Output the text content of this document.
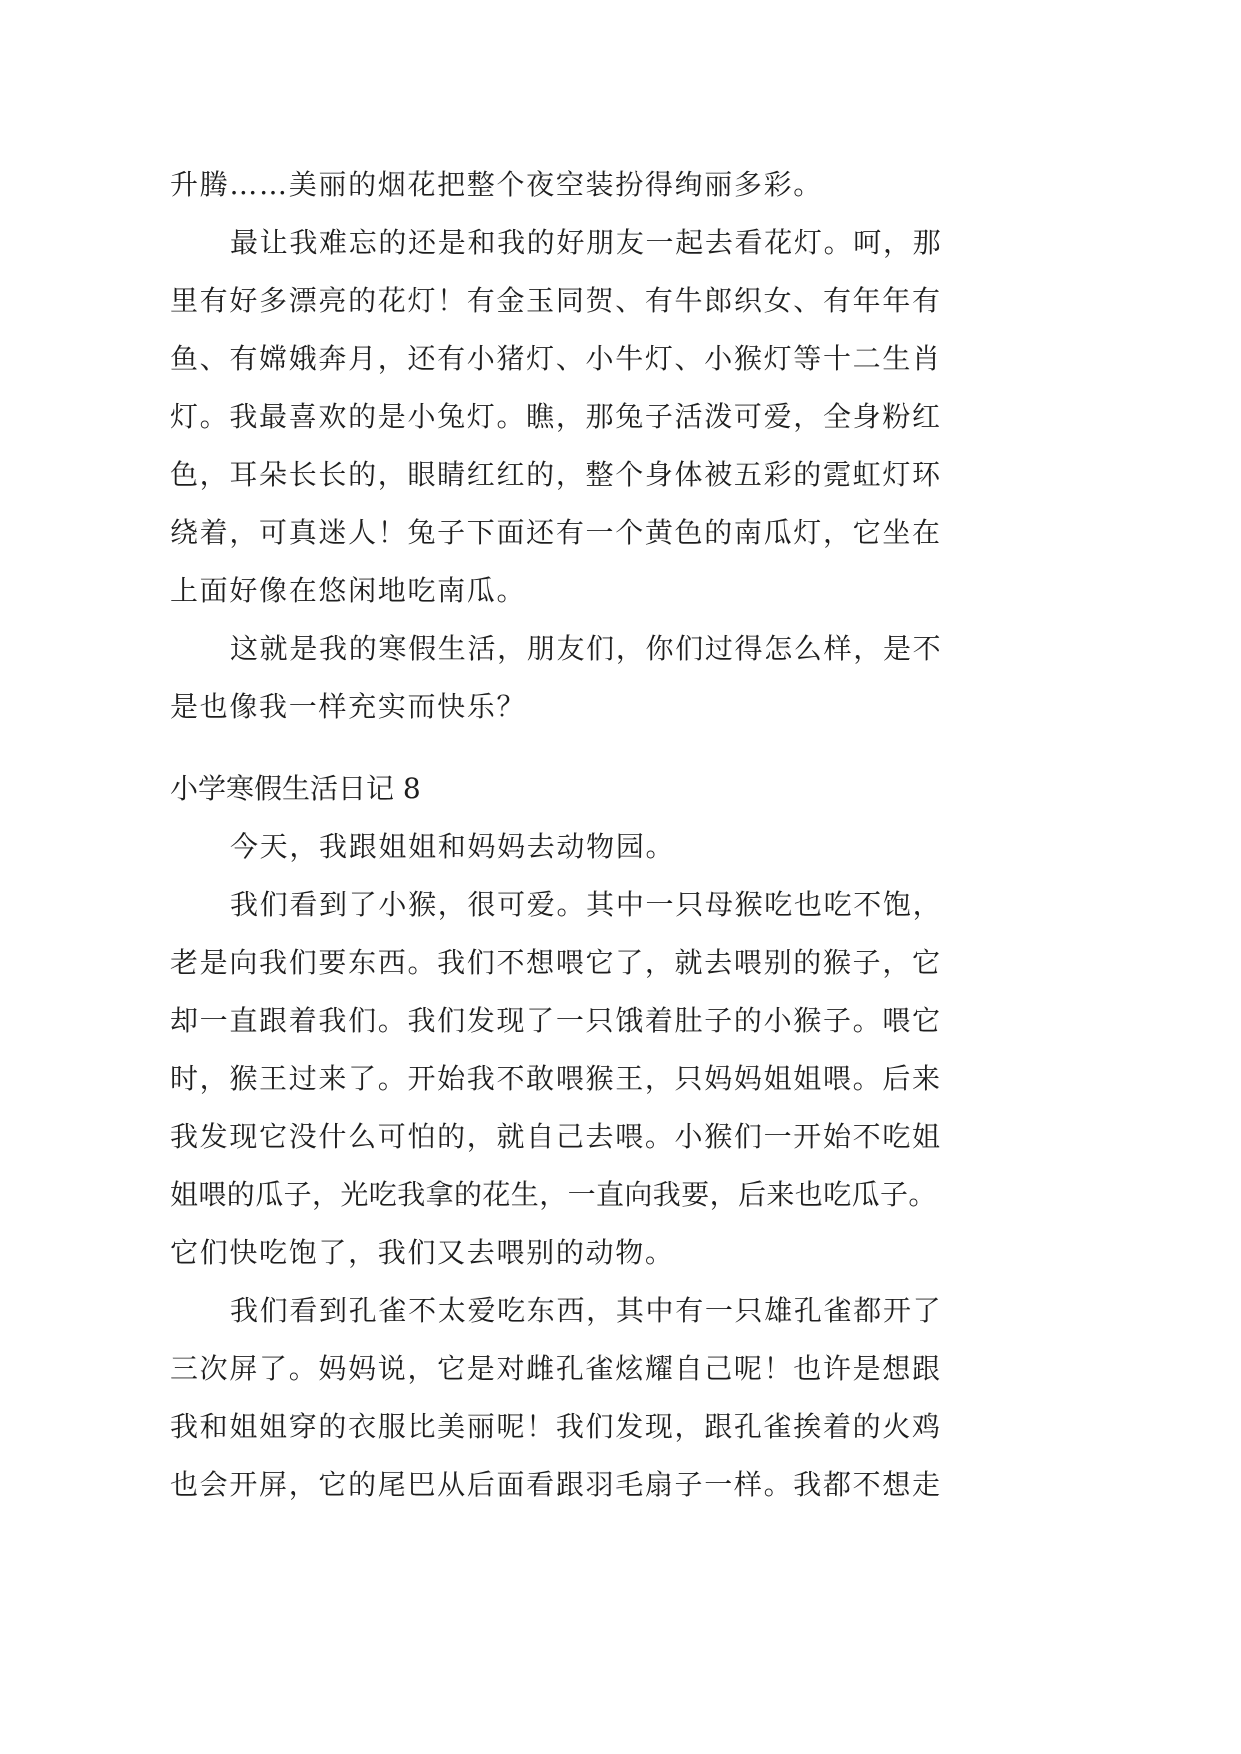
升腾……美丽的烟花把整个夜空装扮得绚丽多彩。
最让我难忘的还是和我的好朋友一起去看花灯。呵，那
里有好多漂亮的花灯！有金玉同贺、有牛郎织女、有年年有
鱼、有嫦娥奔月，还有小猪灯、小牛灯、小猴灯等十二生肖
灯。我最喜欢的是小兔灯。瞧，那兔子活泼可爱，全身粉红
色，耳朵长长的，眼睛红红的，整个身体被五彩的霓虹灯环
绕着，可真迷人！兔子下面还有一个黄色的南瓜灯，它坐在
上面好像在悠闲地吃南瓜。
这就是我的寒假生活，朋友们，你们过得怎么样，是不
是也像我一样充实而快乐？
小学寒假生活日记 8
今天，我跟姐姐和妈妈去动物园。
我们看到了小猴，很可爱。其中一只母猴吃也吃不饱，
老是向我们要东西。我们不想喂它了，就去喂别的猴子，它
却一直跟着我们。我们发现了一只饿着肚子的小猴子。喂它
时，猴王过来了。开始我不敢喂猴王，只妈妈姐姐喂。后来
我发现它没什么可怕的，就自己去喂。小猴们一开始不吃姐
姐喂的瓜子，光吃我拿的花生，一直向我要，后来也吃瓜子。
它们快吃饱了，我们又去喂别的动物。
我们看到孔雀不太爱吃东西，其中有一只雄孔雀都开了
三次屏了。妈妈说，它是对雌孔雀炫耀自己呢！也许是想跟
我和姐姐穿的衣服比美丽呢！我们发现，跟孔雀挨着的火鸡
也会开屏，它的尾巴从后面看跟羽毛扇子一样。我都不想走
